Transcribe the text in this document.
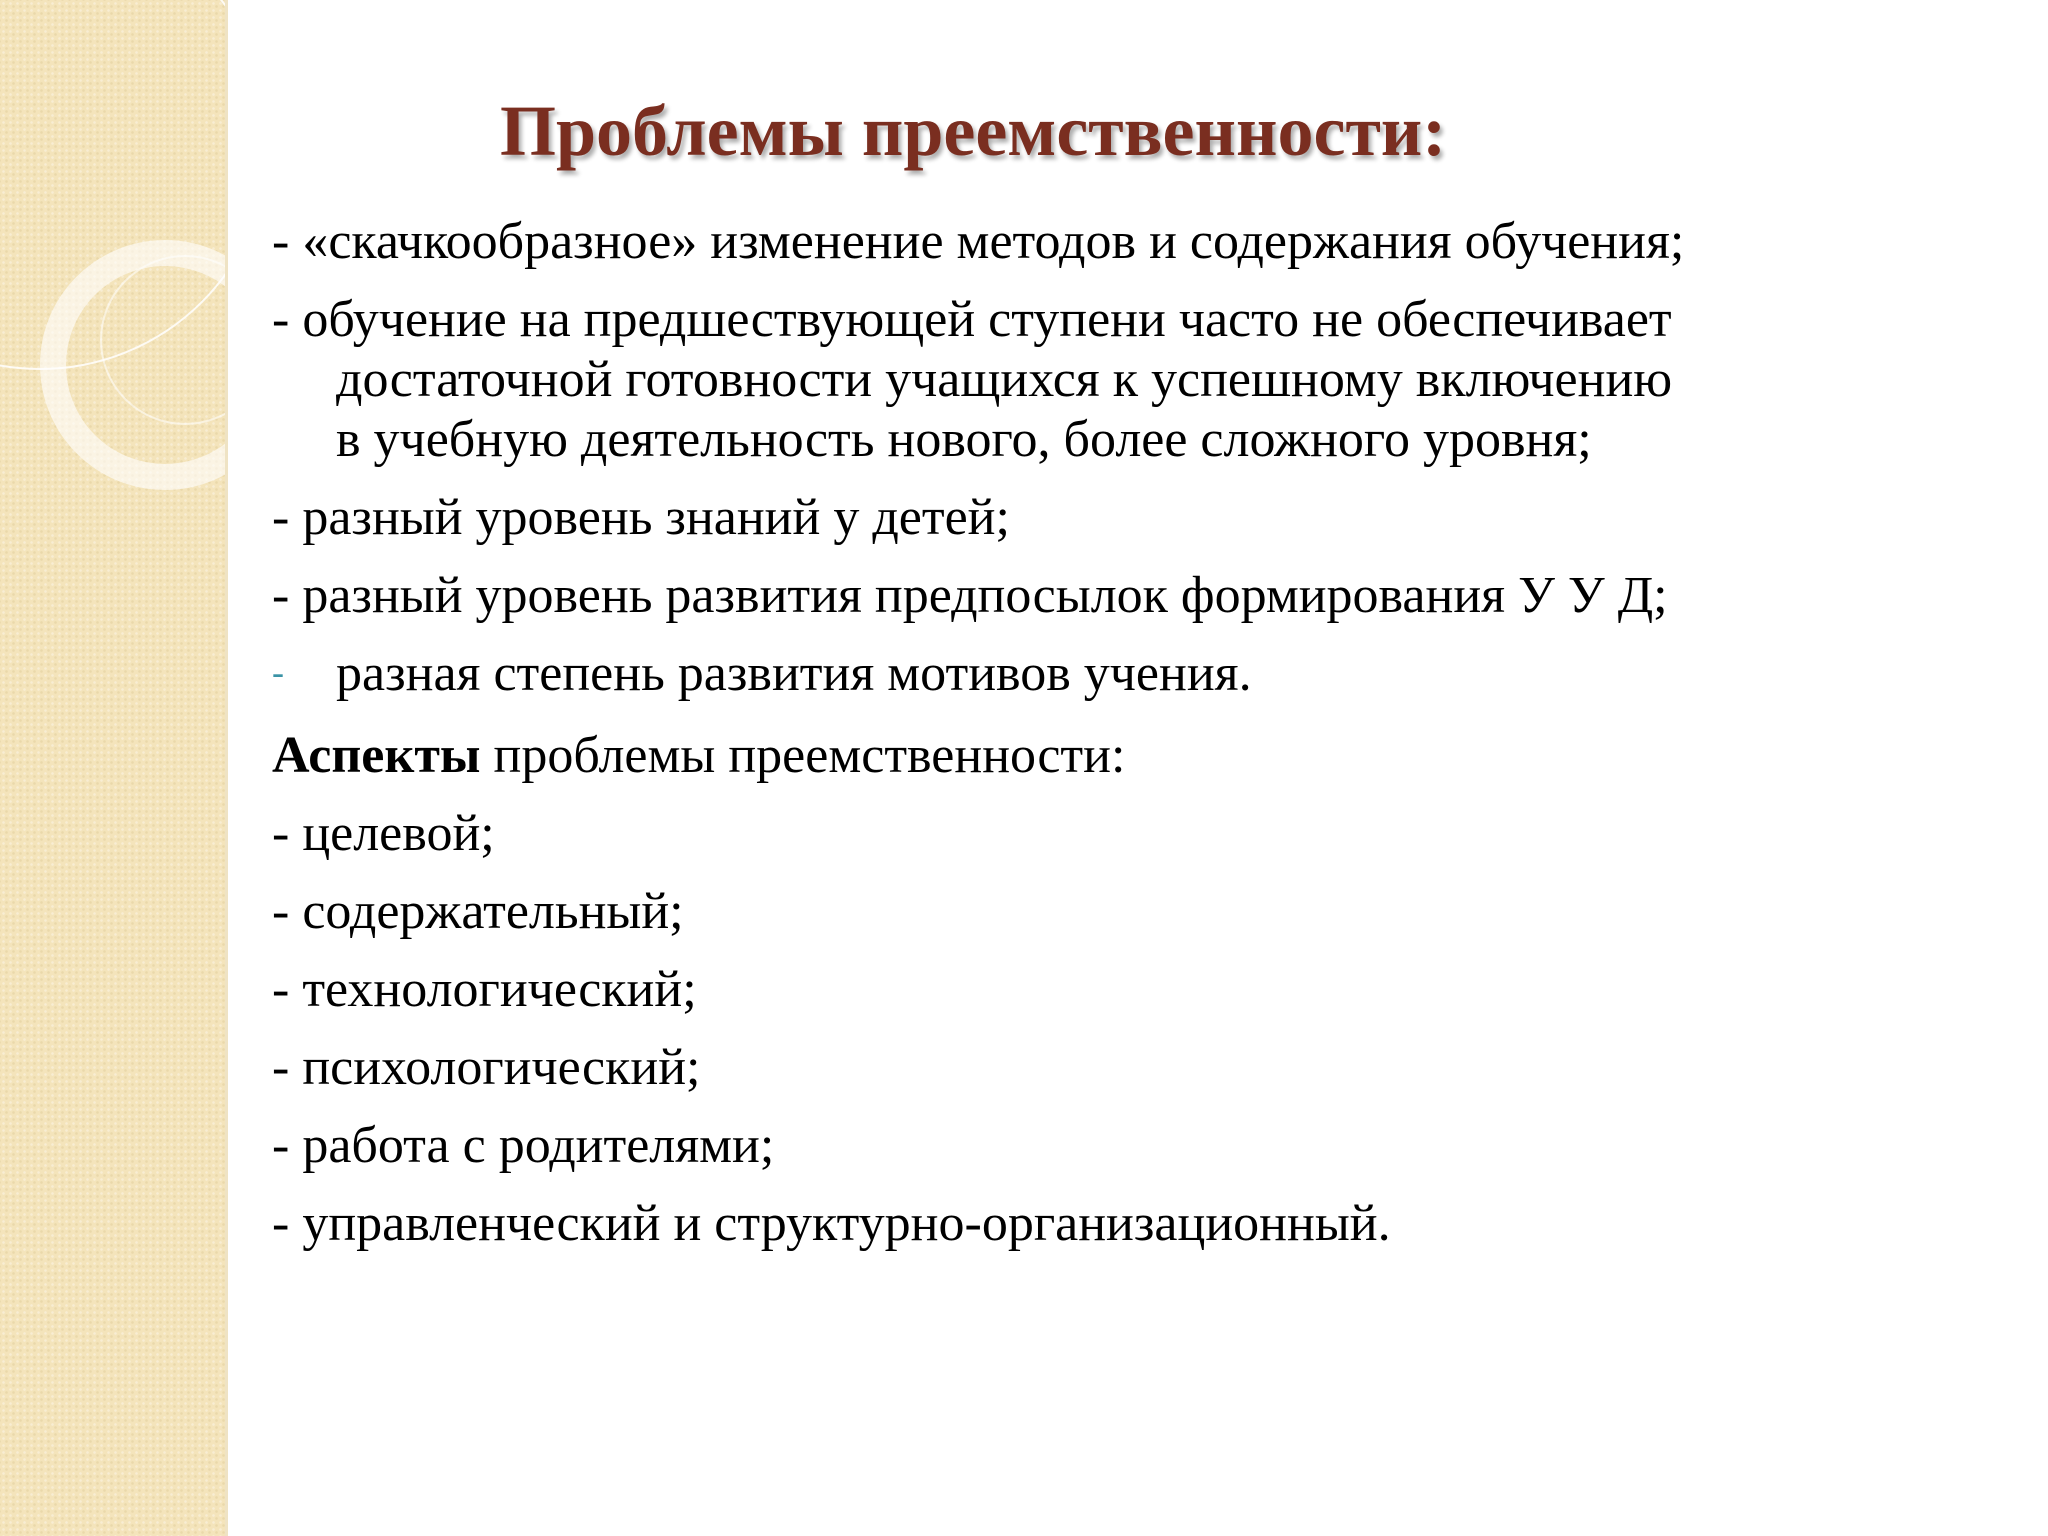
Проблемы преемственности:
- «скачкообразное» изменение методов и содержания обучения;
- обучение на предшествующей ступени часто не обеспечивает
достаточной готовности учащихся к успешному включению
в учебную деятельность нового, более сложного уровня;
- разный уровень знаний у детей;
- разный уровень развития предпосылок формирования У У Д;
- разная степень развития мотивов учения.
Аспекты проблемы преемственности:
- целевой;
- содержательный;
- технологический;
- психологический;
- работа с родителями;
- управленческий и структурно-организационный.
